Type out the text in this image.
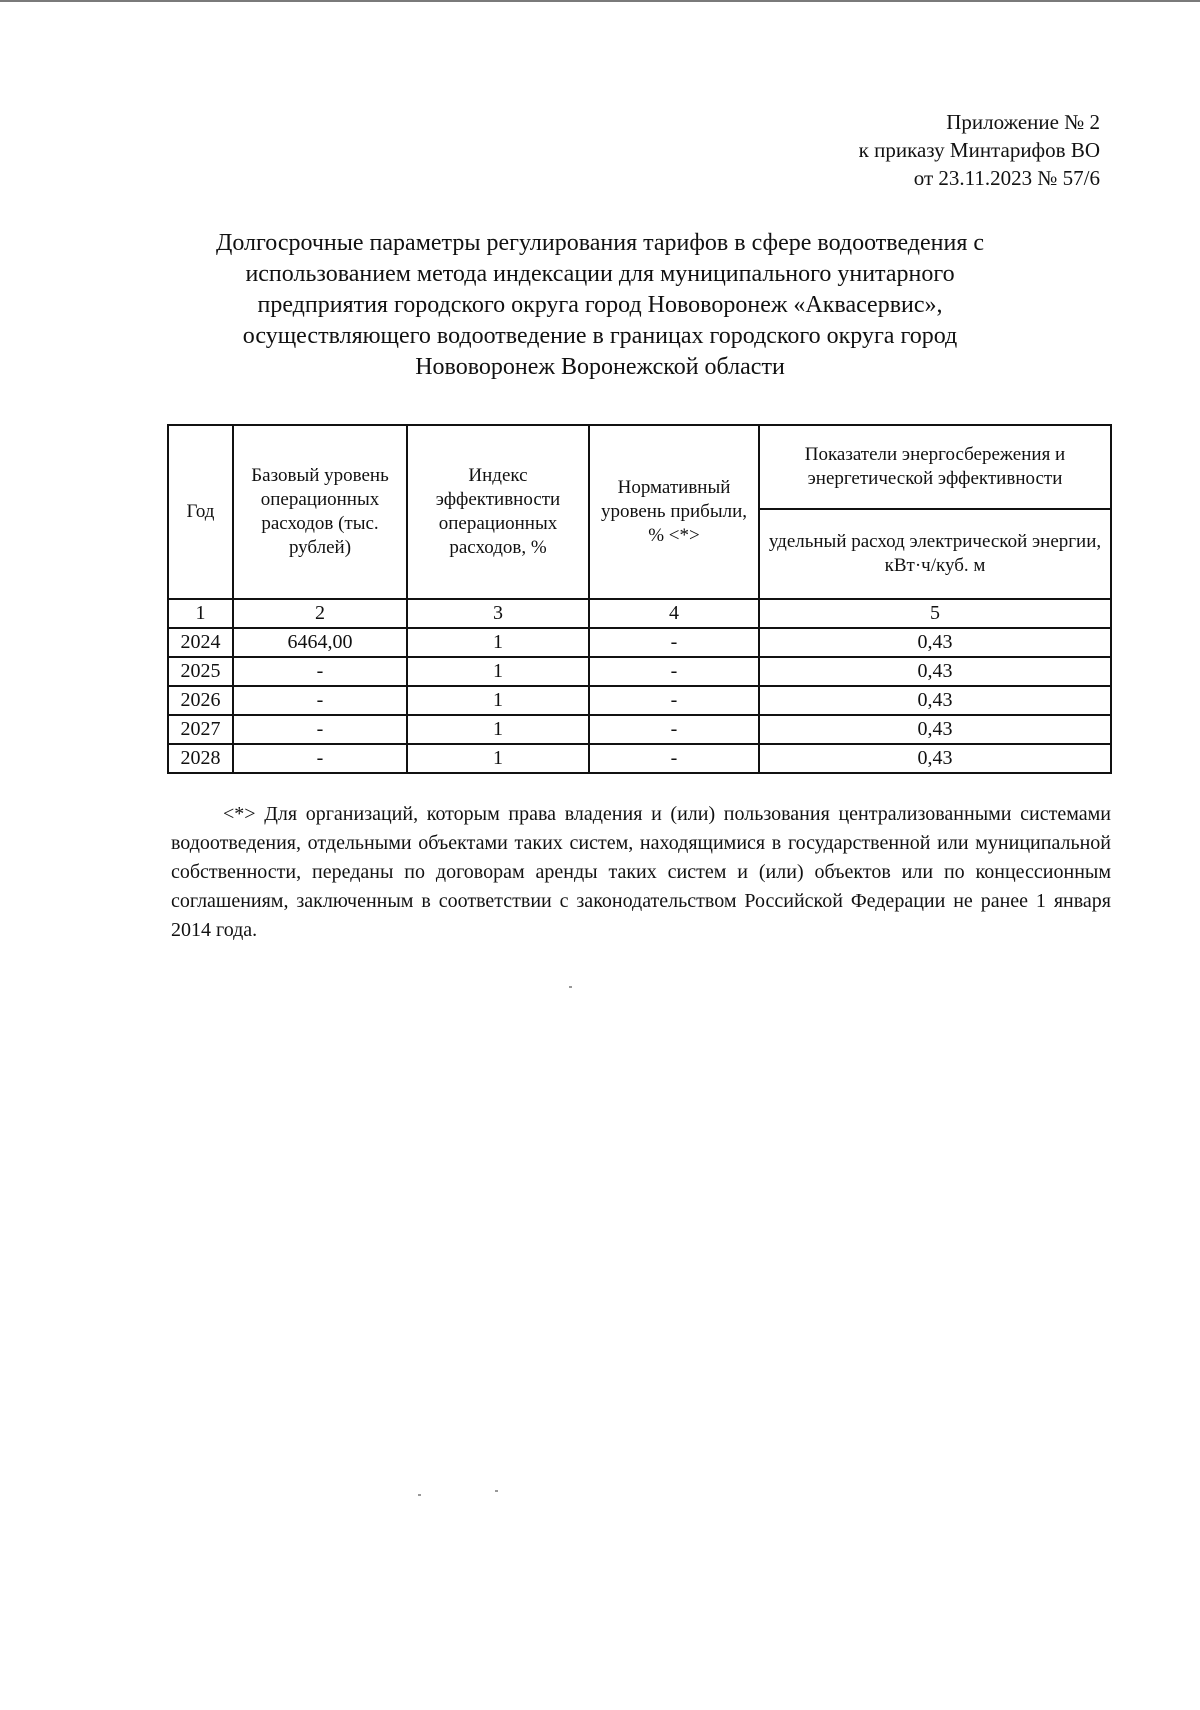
Приложение № 2
к приказу Минтарифов ВО
от 23.11.2023 № 57/6
Долгосрочные параметры регулирования тарифов в сфере водоотведения с
использованием метода индексации для муниципального унитарного
предприятия городского округа город Нововоронеж «Аквасервис»,
осуществляющего водоотведение в границах городского округа город
Нововоронеж Воронежской области
Год	Базовый уровень операционных расходов (тыс. рублей)	Индекс эффективности операционных расходов, %	Нормативный уровень прибыли, % <*>	Показатели энергосбережения и энергетической эффективности
				удельный расход электрической энергии, кВт·ч/куб. м
1	2	3	4	5
2024	6464,00	1	-	0,43
2025	-	1	-	0,43
2026	-	1	-	0,43
2027	-	1	-	0,43
2028	-	1	-	0,43
<*> Для организаций, которым права владения и (или) пользования централизованными системами водоотведения, отдельными объектами таких систем, находящимися в государственной или муниципальной собственности, переданы по договорам аренды таких систем и (или) объектов или по концессионным соглашениям, заключенным в соответствии с законодательством Российской Федерации не ранее 1 января 2014 года.
